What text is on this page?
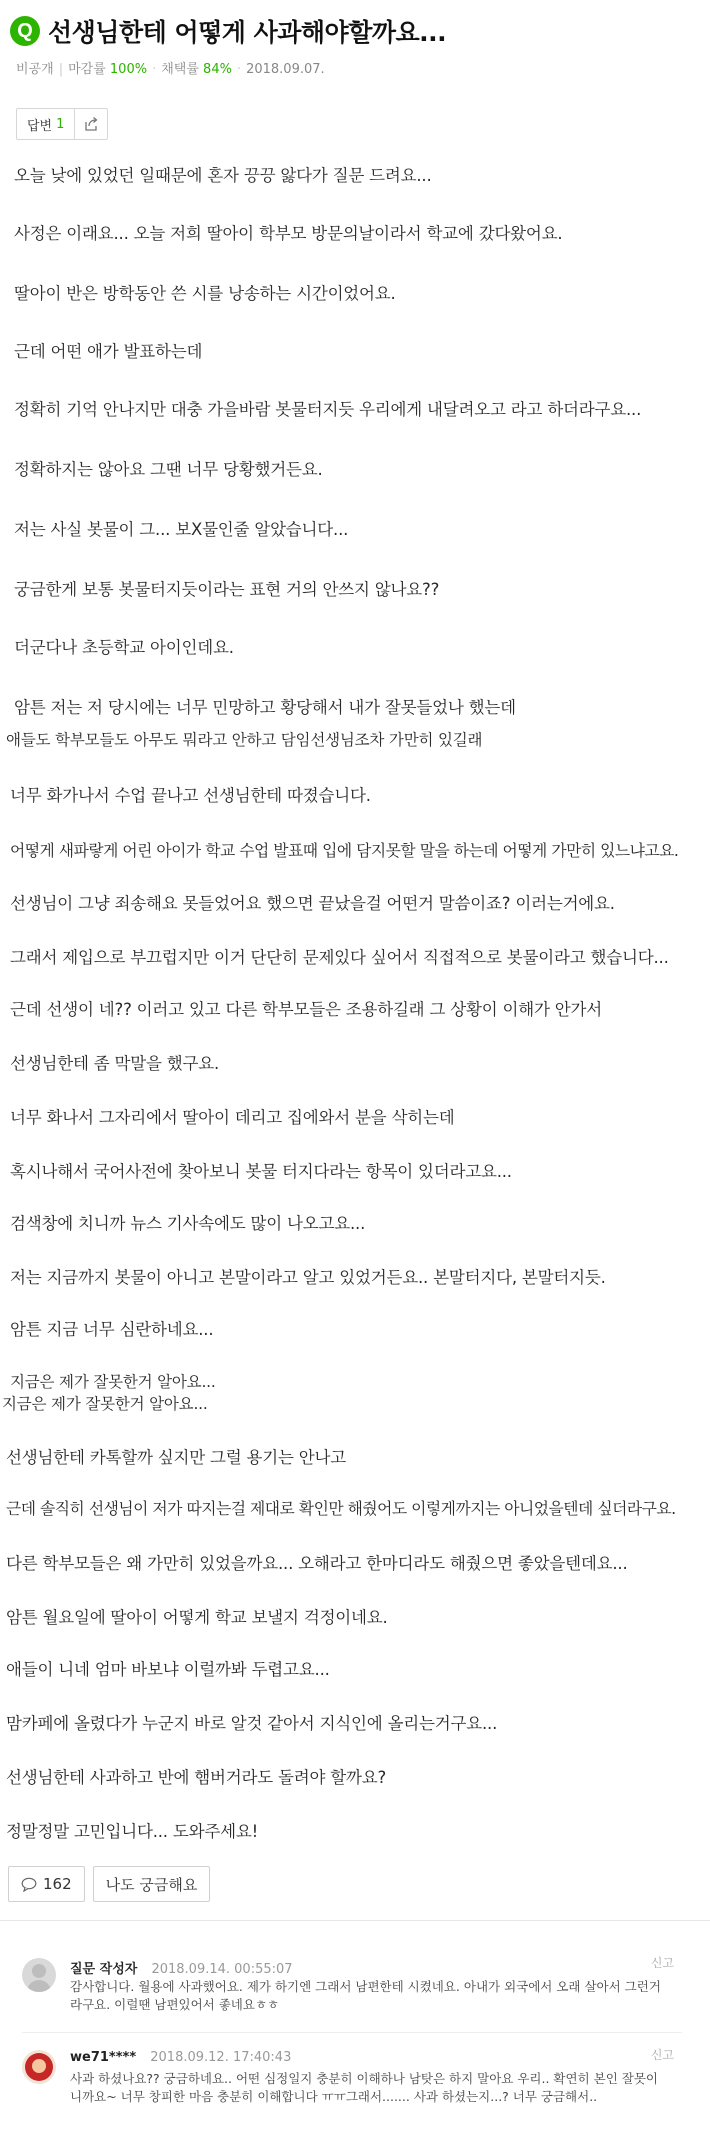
Q 선생님한테 어떻게 사과해야할까요...
비공개 | 마감률 100% · 채택률 84% · 2018.09.07.
답변 1
오늘 낮에 있었던 일때문에 혼자 끙끙 앓다가 질문 드려요...
사정은 이래요... 오늘 저희 딸아이 학부모 방문의날이라서 학교에 갔다왔어요.
딸아이 반은 방학동안 쓴 시를 낭송하는 시간이었어요.
근데 어떤 애가 발표하는데
정확히 기억 안나지만 대충 가을바람 봇물터지듯 우리에게 내달려오고 라고 하더라구요...
정확하지는 않아요 그땐 너무 당황했거든요.
저는 사실 봇물이 그... 보X물인줄 알았습니다...
궁금한게 보통 봇물터지듯이라는 표현 거의 안쓰지 않나요??
더군다나 초등학교 아이인데요.
암튼 저는 저 당시에는 너무 민망하고 황당해서 내가 잘못들었나 했는데
애들도 학부모들도 아무도 뭐라고 안하고 담임선생님조차 가만히 있길래
너무 화가나서 수업 끝나고 선생님한테 따졌습니다.
어떻게 새파랗게 어린 아이가 학교 수업 발표때 입에 담지못할 말을 하는데 어떻게 가만히 있느냐고요.
선생님이 그냥 죄송해요 못들었어요 했으면 끝났을걸 어떤거 말씀이죠? 이러는거에요.
그래서 제입으로 부끄럽지만 이거 단단히 문제있다 싶어서 직접적으로 봇물이라고 했습니다...
근데 선생이 네?? 이러고 있고 다른 학부모들은 조용하길래 그 상황이 이해가 안가서
선생님한테 좀 막말을 했구요.
너무 화나서 그자리에서 딸아이 데리고 집에와서 분을 삭히는데
혹시나해서 국어사전에 찾아보니 봇물 터지다라는 항목이 있더라고요...
검색창에 치니까 뉴스 기사속에도 많이 나오고요...
저는 지금까지 봇물이 아니고 본말이라고 알고 있었거든요.. 본말터지다, 본말터지듯.
암튼 지금 너무 심란하네요...
지금은 제가 잘못한거 알아요...
지금은 제가 잘못한거 알아요...
선생님한테 카톡할까 싶지만 그럴 용기는 안나고
근데 솔직히 선생님이 저가 따지는걸 제대로 확인만 해줬어도 이렇게까지는 아니었을텐데 싶더라구요.
다른 학부모들은 왜 가만히 있었을까요... 오해라고 한마디라도 해줬으면 좋았을텐데요...
암튼 월요일에 딸아이 어떻게 학교 보낼지 걱정이네요.
애들이 니네 엄마 바보냐 이럴까봐 두렵고요...
맘카페에 올렸다가 누군지 바로 알것 같아서 지식인에 올리는거구요...
선생님한테 사과하고 반에 햄버거라도 돌려야 할까요?
정말정말 고민입니다... 도와주세요!
162	나도 궁금해요
질문 작성자 2018.09.14. 00:55:07	신고
감사합니다. 월용에 사과했어요. 제가 하기엔 그래서 남편한테 시켰네요. 아내가 외국에서 오래 살아서 그런거라구요. 이럴땐 남편있어서 좋네요ㅎㅎ
we71**** 2018.09.12. 17:40:43	신고
사과 하셨나요?? 궁금하네요.. 어떤 심정일지 충분히 이해하나 남탓은 하지 말아요 우리.. 확연히 본인 잘못이니까요~ 너무 창피한 마음 충분히 이해합니다 ㅠㅠ그래서....... 사과 하셨는지...? 너무 궁금해서..
